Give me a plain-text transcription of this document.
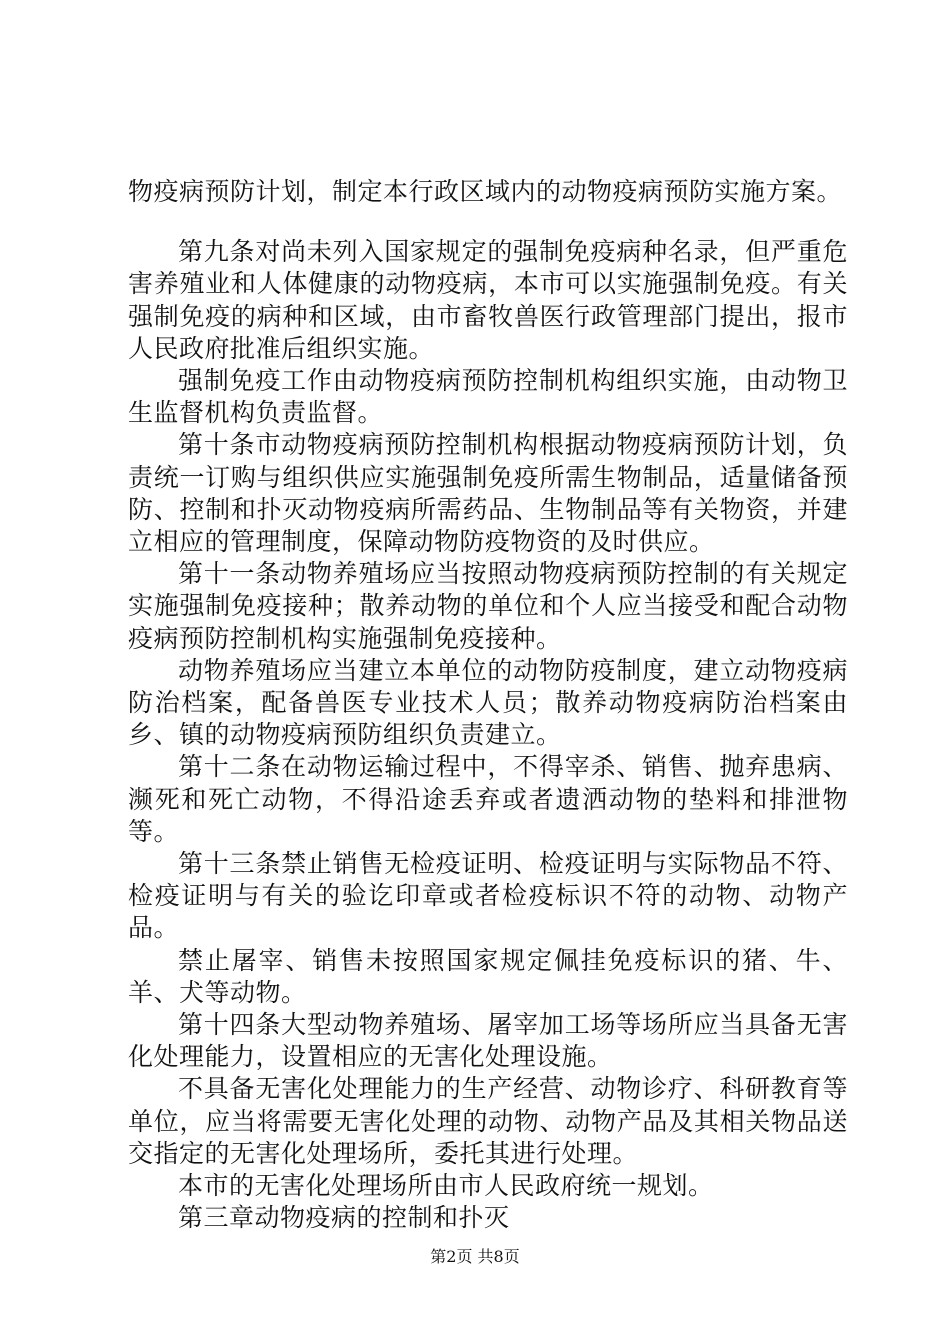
物疫病预防计划，制定本行政区域内的动物疫病预防实施方案。

第九条对尚未列入国家规定的强制免疫病种名录，但严重危害养殖业和人体健康的动物疫病，本市可以实施强制免疫。有关强制免疫的病种和区域，由市畜牧兽医行政管理部门提出，报市人民政府批准后组织实施。

强制免疫工作由动物疫病预防控制机构组织实施，由动物卫生监督机构负责监督。

第十条市动物疫病预防控制机构根据动物疫病预防计划，负责统一订购与组织供应实施强制免疫所需生物制品，适量储备预防、控制和扑灭动物疫病所需药品、生物制品等有关物资，并建立相应的管理制度，保障动物防疫物资的及时供应。

第十一条动物养殖场应当按照动物疫病预防控制的有关规定实施强制免疫接种；散养动物的单位和个人应当接受和配合动物疫病预防控制机构实施强制免疫接种。

动物养殖场应当建立本单位的动物防疫制度，建立动物疫病防治档案，配备兽医专业技术人员；散养动物疫病防治档案由乡、镇的动物疫病预防组织负责建立。

第十二条在动物运输过程中，不得宰杀、销售、抛弃患病、濒死和死亡动物，不得沿途丢弃或者遗洒动物的垫料和排泄物等。

第十三条禁止销售无检疫证明、检疫证明与实际物品不符、检疫证明与有关的验讫印章或者检疫标识不符的动物、动物产品。

禁止屠宰、销售未按照国家规定佩挂免疫标识的猪、牛、羊、犬等动物。

第十四条大型动物养殖场、屠宰加工场等场所应当具备无害化处理能力，设置相应的无害化处理设施。

不具备无害化处理能力的生产经营、动物诊疗、科研教育等单位，应当将需要无害化处理的动物、动物产品及其相关物品送交指定的无害化处理场所，委托其进行处理。

本市的无害化处理场所由市人民政府统一规划。

第三章动物疫病的控制和扑灭

第2页 共8页
